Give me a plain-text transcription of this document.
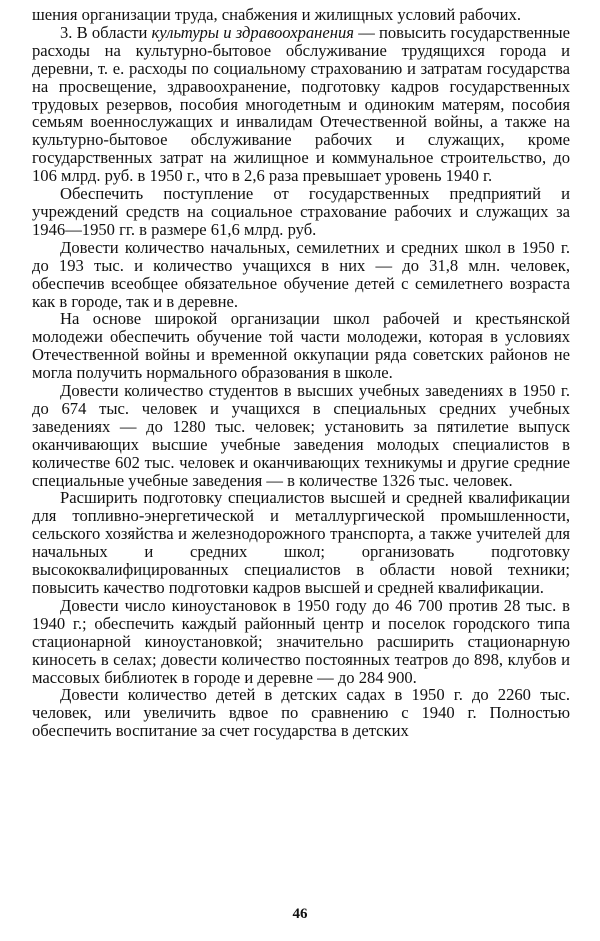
шения организации труда, снабжения и жилищных условий рабочих.

3. В области культуры и здравоохранения — повысить государственные расходы на культурно-бытовое обслуживание трудящихся города и деревни, т. е. расходы по социальному страхованию и затратам государства на просвещение, здравоохранение, подготовку кадров государственных трудовых резервов, пособия многодетным и одиноким матерям, пособия семьям военнослужащих и инвалидам Отечественной войны, а также на культурно-бытовое обслуживание рабочих и служащих, кроме государственных затрат на жилищное и коммунальное строительство, до 106 млрд. руб. в 1950 г., что в 2,6 раза превышает уровень 1940 г.

Обеспечить поступление от государственных предприятий и учреждений средств на социальное страхование рабочих и служащих за 1946—1950 гг. в размере 61,6 млрд. руб.

Довести количество начальных, семилетних и средних школ в 1950 г. до 193 тыс. и количество учащихся в них — до 31,8 млн. человек, обеспечив всеобщее обязательное обучение детей с семилетнего возраста как в городе, так и в деревне.

На основе широкой организации школ рабочей и крестьянской молодежи обеспечить обучение той части молодежи, которая в условиях Отечественной войны и временной оккупации ряда советских районов не могла получить нормального образования в школе.

Довести количество студентов в высших учебных заведениях в 1950 г. до 674 тыс. человек и учащихся в специальных средних учебных заведениях — до 1280 тыс. человек; установить за пятилетие выпуск оканчивающих высшие учебные заведения молодых специалистов в количестве 602 тыс. человек и оканчивающих техникумы и другие средние специальные учебные заведения — в количестве 1326 тыс. человек.

Расширить подготовку специалистов высшей и средней квалификации для топливно-энергетической и металлургической промышленности, сельского хозяйства и железнодорожного транспорта, а также учителей для начальных и средних школ; организовать подготовку высококвалифицированных специалистов в области новой техники; повысить качество подготовки кадров высшей и средней квалификации.

Довести число киноустановок в 1950 году до 46 700 против 28 тыс. в 1940 г.; обеспечить каждый районный центр и поселок городского типа стационарной киноустановкой; значительно расширить стационарную киносеть в селах; довести количество постоянных театров до 898, клубов и массовых библиотек в городе и деревне — до 284 900.

Довести количество детей в детских садах в 1950 г. до 2260 тыс. человек, или увеличить вдвое по сравнению с 1940 г. Полностью обеспечить воспитание за счет государства в детских

46
